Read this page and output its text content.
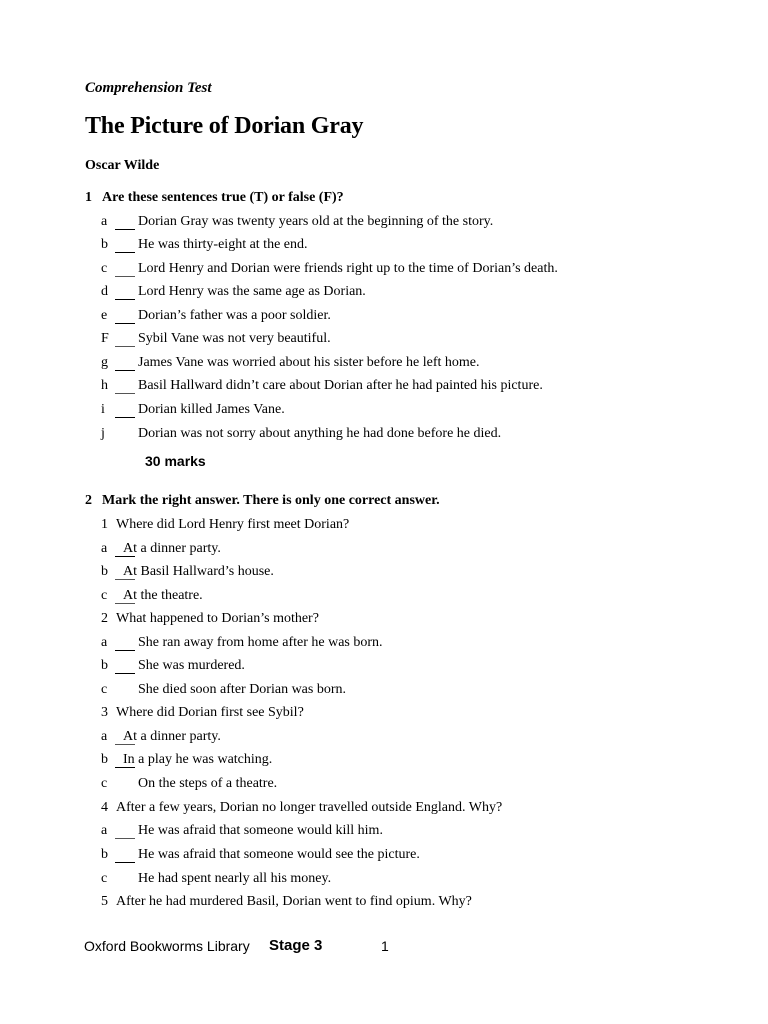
Comprehension Test
The Picture of Dorian Gray
Oscar Wilde
1 Are these sentences true (T) or false (F)?
a Dorian Gray was twenty years old at the beginning of the story.
b He was thirty-eight at the end.
c Lord Henry and Dorian were friends right up to the time of Dorian’s death.
d Lord Henry was the same age as Dorian.
e Dorian’s father was a poor soldier.
F Sybil Vane was not very beautiful.
g James Vane was worried about his sister before he left home.
h Basil Hallward didn’t care about Dorian after he had painted his picture.
i Dorian killed James Vane.
j Dorian was not sorry about anything he had done before he died.
30 marks
2 Mark the right answer. There is only one correct answer.
1 Where did Lord Henry first meet Dorian?
a At a dinner party.
b At Basil Hallward’s house.
c At the theatre.
2 What happened to Dorian’s mother?
a She ran away from home after he was born.
b She was murdered.
c She died soon after Dorian was born.
3 Where did Dorian first see Sybil?
a At a dinner party.
b In a play he was watching.
c On the steps of a theatre.
4 After a few years, Dorian no longer travelled outside England. Why?
a He was afraid that someone would kill him.
b He was afraid that someone would see the picture.
c He had spent nearly all his money.
5 After he had murdered Basil, Dorian went to find opium. Why?
Oxford Bookworms Library Stage 3	1
